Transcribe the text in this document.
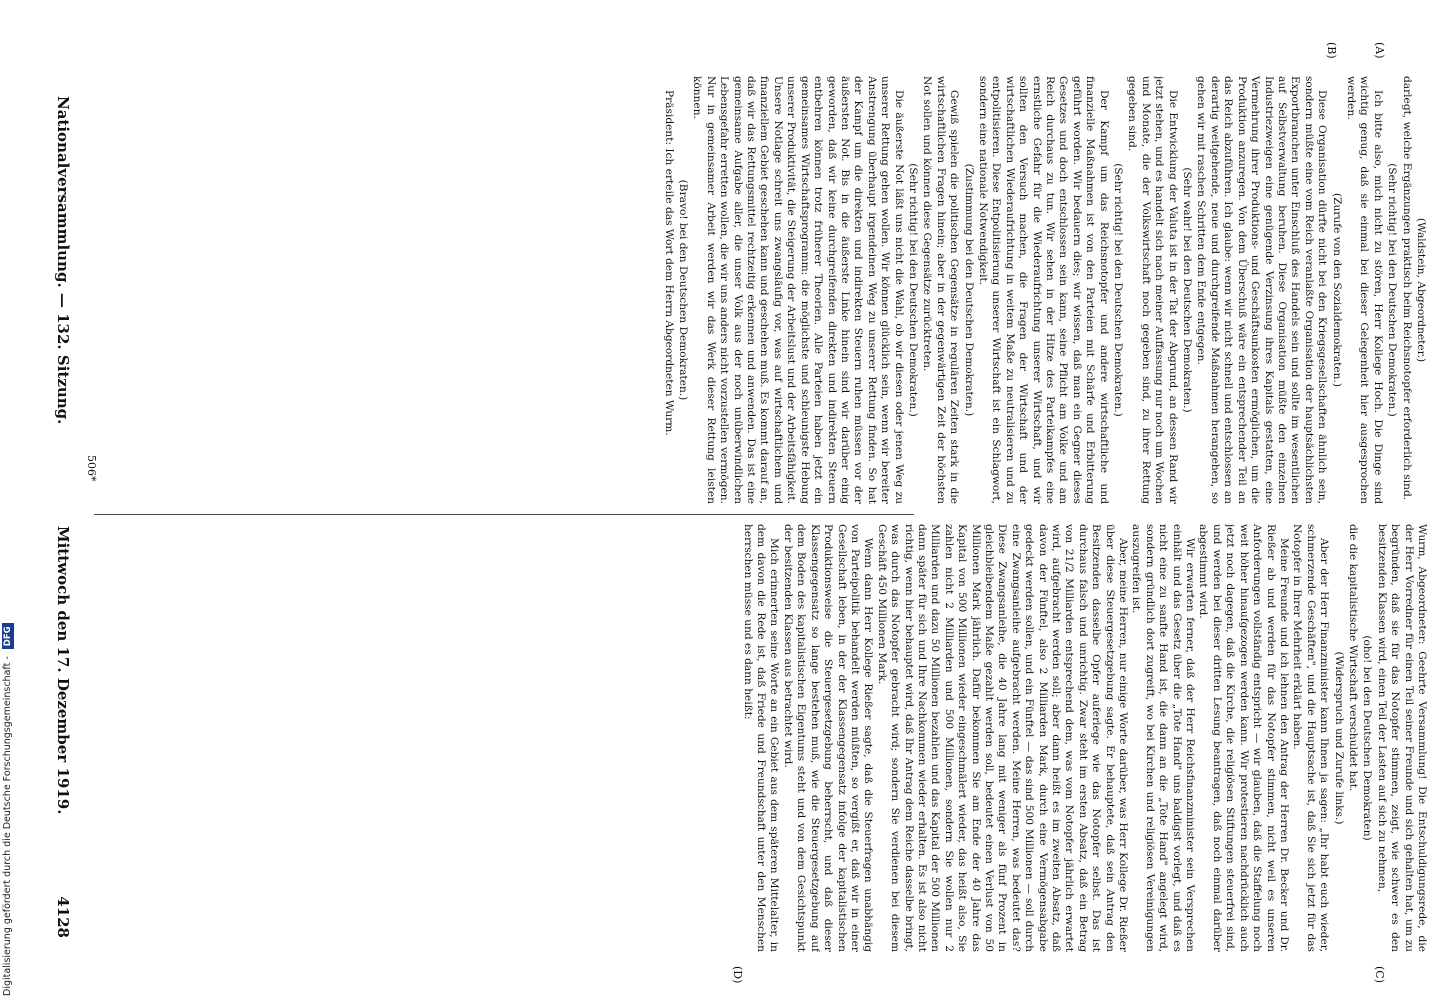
Digitalisierung gefördert durch die Deutsche Forschungsgemeinschaft - DFG
(A)
(B)
(C)
(D)

(Waldstein, Abgeordneter.)

darlegt, welche Ergänzungen praktisch beim Reichsnotopfer erforderlich sind.

(Sehr richtig! bei den Deutschen Demokraten.)

Ich bitte also, mich nicht zu stören, Herr Kollege Hoch. Die Dinge sind wichtig genug, daß sie einmal bei dieser Gelegenheit hier ausgesprochen werden.

(Zurufe von den Sozialdemokraten.)

Diese Organisation dürfte nicht bei den Kriegsgesellschaften ähnlich sein, sondern müßte eine vom Reich veranlaßte Organisation der hauptsächlichsten Exportbranchen unter Einschluß des Handels sein und sollte im wesentlichen auf Selbstverwaltung beruhen. Diese Organisation müßte den einzelnen Industriezweigen eine genügende Verzinsung ihres Kapitals gestatten, eine Vermehrung ihrer Produktions- und Geschäftsunkosten ermöglichen, um die Produktion anzuregen. Von dem Überschuß wäre ein entsprechender Teil an das Reich abzuführen. Ich glaube: wenn wir nicht schnell und entschlossen an derartig weitgehende, neue und durchgreifende Maßnahmen herangehen, so gehen wir mit raschen Schritten dem Ende entgegen.

(Sehr wahr! bei den Deutschen Demokraten.)

Die Entwicklung der Valuta ist in der Tat der Abgrund, an dessen Rand wir jetzt stehen, und es handelt sich nach meiner Auffassung nur noch um Wochen und Monate, die der Volkswirtschaft noch gegeben sind, zu ihrer Rettung gegeben sind.

(Sehr richtig! bei den Deutschen Demokraten.)

Der Kampf um das Reichsnotopfer und andere wirtschaftliche und finanzielle Maßnahmen ist von den Parteien mit Schärfe und Erbitterung geführt worden. Wir bedauern dies; wir wissen, daß man ein Gegner dieses Gesetzes und doch entschlossen sein kann, seine Pflicht am Volke und am Reich durchaus zu tun. Wir sehen in der Hitze des Parteikampfes eine ernstliche Gefahr für die Wiederaufrichtung unserer Wirtschaft, und wir sollten den Versuch machen, die Fragen der Wirtschaft und der wirtschaftlichen Wiederaufrichtung in weitem Maße zu neutralisieren und zu entpolitisieren. Diese Entpolitisierung unserer Wirtschaft ist ein Schlagwort, sondern eine nationale Notwendigkeit.

(Zustimmung bei den Deutschen Demokraten.)

Gewiß spielen die politischen Gegensätze in regulären Zeiten stark in die wirtschaftlichen Fragen hinein; aber in der gegenwärtigen Zeit der höchsten Not sollen und können diese Gegensätze zurücktreten.

(Sehr richtig! bei den Deutschen Demokraten.)

Die äußerste Not läßt uns nicht die Wahl, ob wir diesen oder jenen Weg zu unserer Rettung gehen wollen. Wir können glücklich sein, wenn wir bereiter Anstrengung überhaupt irgendeinen Weg zu unserer Rettung finden. So hat der Kampf um die direkten und indirekten Steuern ruhen müssen vor der äußersten Not. Bis in die äußerste Linke hinein sind wir darüber einig geworden, daß wir keine durchgreifenden direkten und indirekten Steuern entbehren können trotz früherer Theorien. Alle Parteien haben jetzt ein gemeinsames Wirtschaftsprogramm: die möglichste und schleunigste Hebung unserer Produktivität, die Steigerung der Arbeitslust und der Arbeitsfähigkeit. Unsere Notlage schreit uns zwangsläufig vor, was auf wirtschaftlichem und finanziellem Gebiet geschehen kann und geschehen muß. Es kommt darauf an, daß wir das Rettungsmittel rechtzeitig erkennen und anwenden. Das ist eine gemeinsame Aufgabe aller, die unser Volk aus der noch unüberwindlichen Lebensgefahr erretten wollen, die wir uns anders nicht vorzustellen vermögen. Nur in gemeinsamer Arbeit werden wir das Werk dieser Rettung leisten können.

(Bravo! bei den Deutschen Demokraten.)

Präsident: Ich erteile das Wort dem Herrn Abgeordneten Wurm.

Wurm, Abgeordneter: Geehrte Versammlung! Die Entschuldigungsrede, die der Herr Vorredner für einen Teil seiner Freunde und sich gehalten hat, um zu begründen, daß sie für das Notopfer stimmen, zeigt, wie schwer es den besitzenden Klassen wird, einen Teil der Lasten auf sich zu nehmen,

(oho! bei den Deutschen Demokraten)

die die kapitalistische Wirtschaft verschuldet hat.

(Widerspruch und Zurufe links.)

Aber der Herr Finanzminister kann Ihnen ja sagen: „Ihr habt euch wieder, schmerzende Geschäften", und die Hauptsache ist, daß Sie sich jetzt für das Notopfer in Ihrer Mehrheit erklärt haben.

Meine Freunde und ich lehnen den Antrag der Herren Dr. Becker und Dr. Rießer ab und werden für das Notopfer stimmen, nicht weil es unseren Anforderungen vollständig entspricht — wir glauben, daß die Staffelung noch weit höher hinaufgezogen werden kann. Wir protestieren nachdrücklich auch jetzt noch dagegen, daß die Kirche, die religiösen Stiftungen steuerfrei sind, und werden bei dieser dritten Lesung beantragen, daß noch einmal darüber abgestimmt wird.

Wir erwarten ferner, daß der Herr Reichsfinanzminister sein Versprechen einhält und das Gesetz über die „Tote Hand" uns baldigst vorlegt, und daß es nicht eine zu sanfte Hand ist, die dann an die „Tote Hand" angelegt wird, sondern gründlich dort zugreift, wo bei Kirchen und religiösen Vereinigungen auszugreifen ist.

Aber, meine Herren, nur einige Worte darüber, was Herr Kollege Dr. Rießer über diese Steuergesetzgebung sagte. Er behauptete, daß sein Antrag den Besitzenden dasselbe Opfer auferlege wie das Notopfer selbst. Das ist durchaus falsch und unrichtig. Zwar steht im ersten Absatz, daß ein Betrag von 21/2 Milliarden entsprechend dem, was vom Notopfer jährlich erwartet wird, aufgebracht werden soll; aber dann heißt es im zweiten Absatz, daß davon der Fünftel, also 2 Milliarden Mark, durch eine Vermögensabgabe gedeckt werden sollen, und ein Fünftel — das sind 500 Millionen — soll durch eine Zwangsanleihe aufgebracht werden. Meine Herren, was bedeutet das? Diese Zwangsanleihe, die 40 Jahre lang mit weniger als fünf Prozent in gleichbleibendem Maße gezahlt werden soll, bedeutet einen Verlust von 50 Millionen Mark jährlich. Dafür bekommen Sie am Ende der 40 Jahre das Kapital von 500 Millionen wieder eingeschmälert wieder, das heißt also, Sie zahlen nicht 2 Milliarden und 500 Millionen, sondern Sie wollen nur 2 Milliarden und dazu 50 Millionen bezahlen und das Kapital der 500 Millionen dann später für sich und Ihre Nachkommen wieder erhalten. Es ist also nicht richtig, wenn hier behauptet wird, daß Ihr Antrag dem Reiche dasselbe bringt, was durch das Notopfer gebracht wird; sondern Sie verdienen bei diesem Geschäft 450 Millionen Mark.

Wenn dann Herr Kollege Rießer sagte, daß die Steuerfragen unabhängig von Parteipolitik behandelt werden müßten, so vergißt er, daß wir in einer Gesellschaft leben, in der der Klassengegensatz infolge der kapitalistischen Produktionsweise die Steuergesetzgebung beherrscht, und daß dieser Klassengegensatz so lange bestehen muß, wie die Steuergesetzgebung auf dem Boden des kapitalistischen Eigentums steht und von dem Gesichtspunkt der besitzenden Klassen aus betrachtet wird.

Mich erinnerten seine Worte an ein Gebiet aus dem späteren Mittelalter, in dem davon die Rede ist, daß Friede und Freundschaft unter den Menschen herrschen müsse und es dann heißt:

506*
Nationalversammlung. — 132. Sitzung.
Mittwoch den 17. Dezember 1919.
4128
